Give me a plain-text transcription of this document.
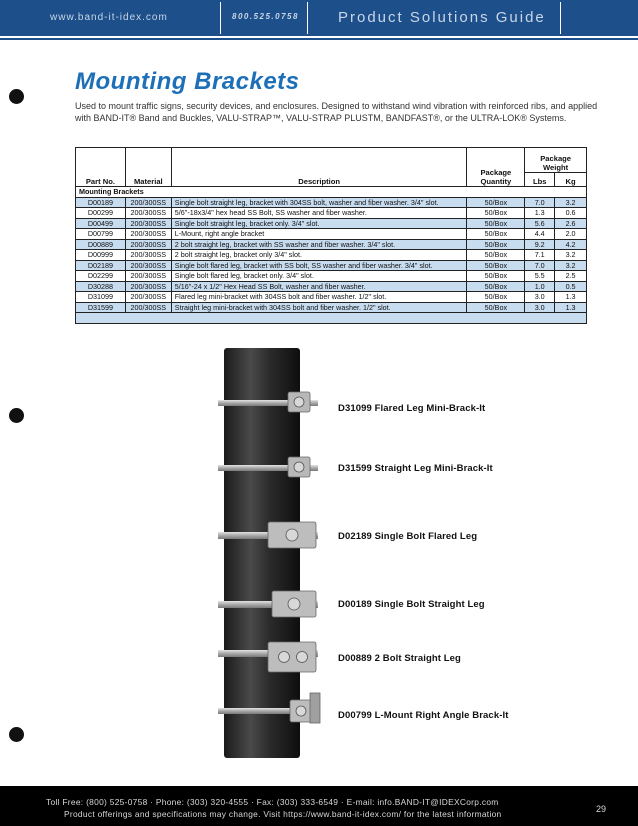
www.band-it-idex.com	800.525.0758	Product Solutions Guide
Mounting Brackets
Used to mount traffic signs, security devices, and enclosures. Designed to withstand wind vibration with reinforced ribs, and applied with BAND-IT® Band and Buckles, VALU-STRAP™, VALU-STRAP PLUSTM, BANDFAST®, or the ULTRA-LOK® Systems.
Part No.	Material	Description	Package
Quantity	Package
Weight	
				Lbs	Kg
Mounting Brackets					
D00189	200/300SS	Single bolt straight leg, bracket with 304SS bolt, washer and fiber washer. 3/4" slot.	50/Box	7.0	3.2
D00299	200/300SS	5/6"-18x3/4" hex head SS Bolt, SS washer and fiber washer.	50/Box	1.3	0.6
D00499	200/300SS	Single bolt straight leg, bracket only. 3/4" slot.	50/Box	5.6	2.6
D00799	200/300SS	L-Mount, right angle bracket	50/Box	4.4	2.0
D00889	200/300SS	2 bolt straight leg, bracket with SS washer and fiber washer. 3/4" slot.	50/Box	9.2	4.2
D00999	200/300SS	2 bolt straight leg, bracket only 3/4" slot.	50/Box	7.1	3.2
D02189	200/300SS	Single bolt flared leg, bracket with SS bolt, SS washer and fiber washer. 3/4" slot.	50/Box	7.0	3.2
D02299	200/300SS	Single bolt flared leg, bracket only. 3/4" slot.	50/Box	5.5	2.5
D30288	200/300SS	5/16"-24 x 1/2" Hex Head SS Bolt, washer and fiber washer.	50/Box	1.0	0.5
D31099	200/300SS	Flared leg mini-bracket with 304SS bolt and fiber washer. 1/2" slot.	50/Box	3.0	1.3
D31599	200/300SS	Straight leg mini-bracket with 304SS bolt and fiber washer. 1/2" slot.	50/Box	3.0	1.3

D31099 Flared Leg Mini-Brack-It
D31599 Straight Leg Mini-Brack-It
D02189 Single Bolt Flared Leg
D00189 Single Bolt Straight Leg
D00889 2 Bolt Straight Leg
D00799 L-Mount Right Angle Brack-It
Toll Free: (800) 525-0758 · Phone: (303) 320-4555 · Fax: (303) 333-6549 · E-mail: info.BAND-IT@IDEXCorp.com
Product offerings and specifications may change. Visit https://www.band-it-idex.com/ for the latest information	29
